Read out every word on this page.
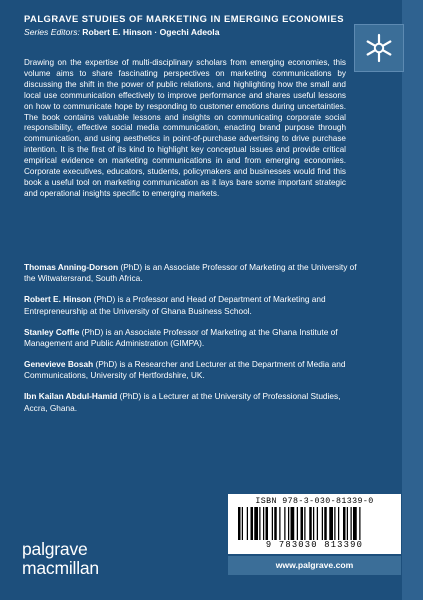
PALGRAVE STUDIES OF MARKETING IN EMERGING ECONOMIES
Series Editors: Robert E. Hinson · Ogechi Adeola
Drawing on the expertise of multi-disciplinary scholars from emerging economies, this volume aims to share fascinating perspectives on marketing communications by discussing the shift in the power of public relations, and highlighting how the small and local use communication effectively to improve performance and shares useful lessons on how to communicate hope by responding to customer emotions during uncertainties. The book contains valuable lessons and insights on communicating corporate social responsibility, effective social media communication, enacting brand purpose through communication, and using aesthetics in point-of-purchase advertising to drive purchase intention. It is the first of its kind to highlight key conceptual issues and provide critical empirical evidence on marketing communications in and from emerging economies. Corporate executives, educators, students, policymakers and businesses would find this book a useful tool on marketing communication as it lays bare some important strategic and operational insights specific to emerging markets.

Thomas Anning-Dorson (PhD) is an Associate Professor of Marketing at the University of the Witwatersrand, South Africa.

Robert E. Hinson (PhD) is a Professor and Head of Department of Marketing and Entrepreneurship at the University of Ghana Business School.

Stanley Coffie (PhD) is an Associate Professor of Marketing at the Ghana Institute of Management and Public Administration (GIMPA).

Genevieve Bosah (PhD) is a Researcher and Lecturer at the Department of Media and Communications, University of Hertfordshire, UK.

Ibn Kailan Abdul-Hamid (PhD) is a Lecturer at the University of Professional Studies, Accra, Ghana.

palgrave
macmillan
ISBN 978-3-030-81339-0
9 783030 813390
www.palgrave.com
